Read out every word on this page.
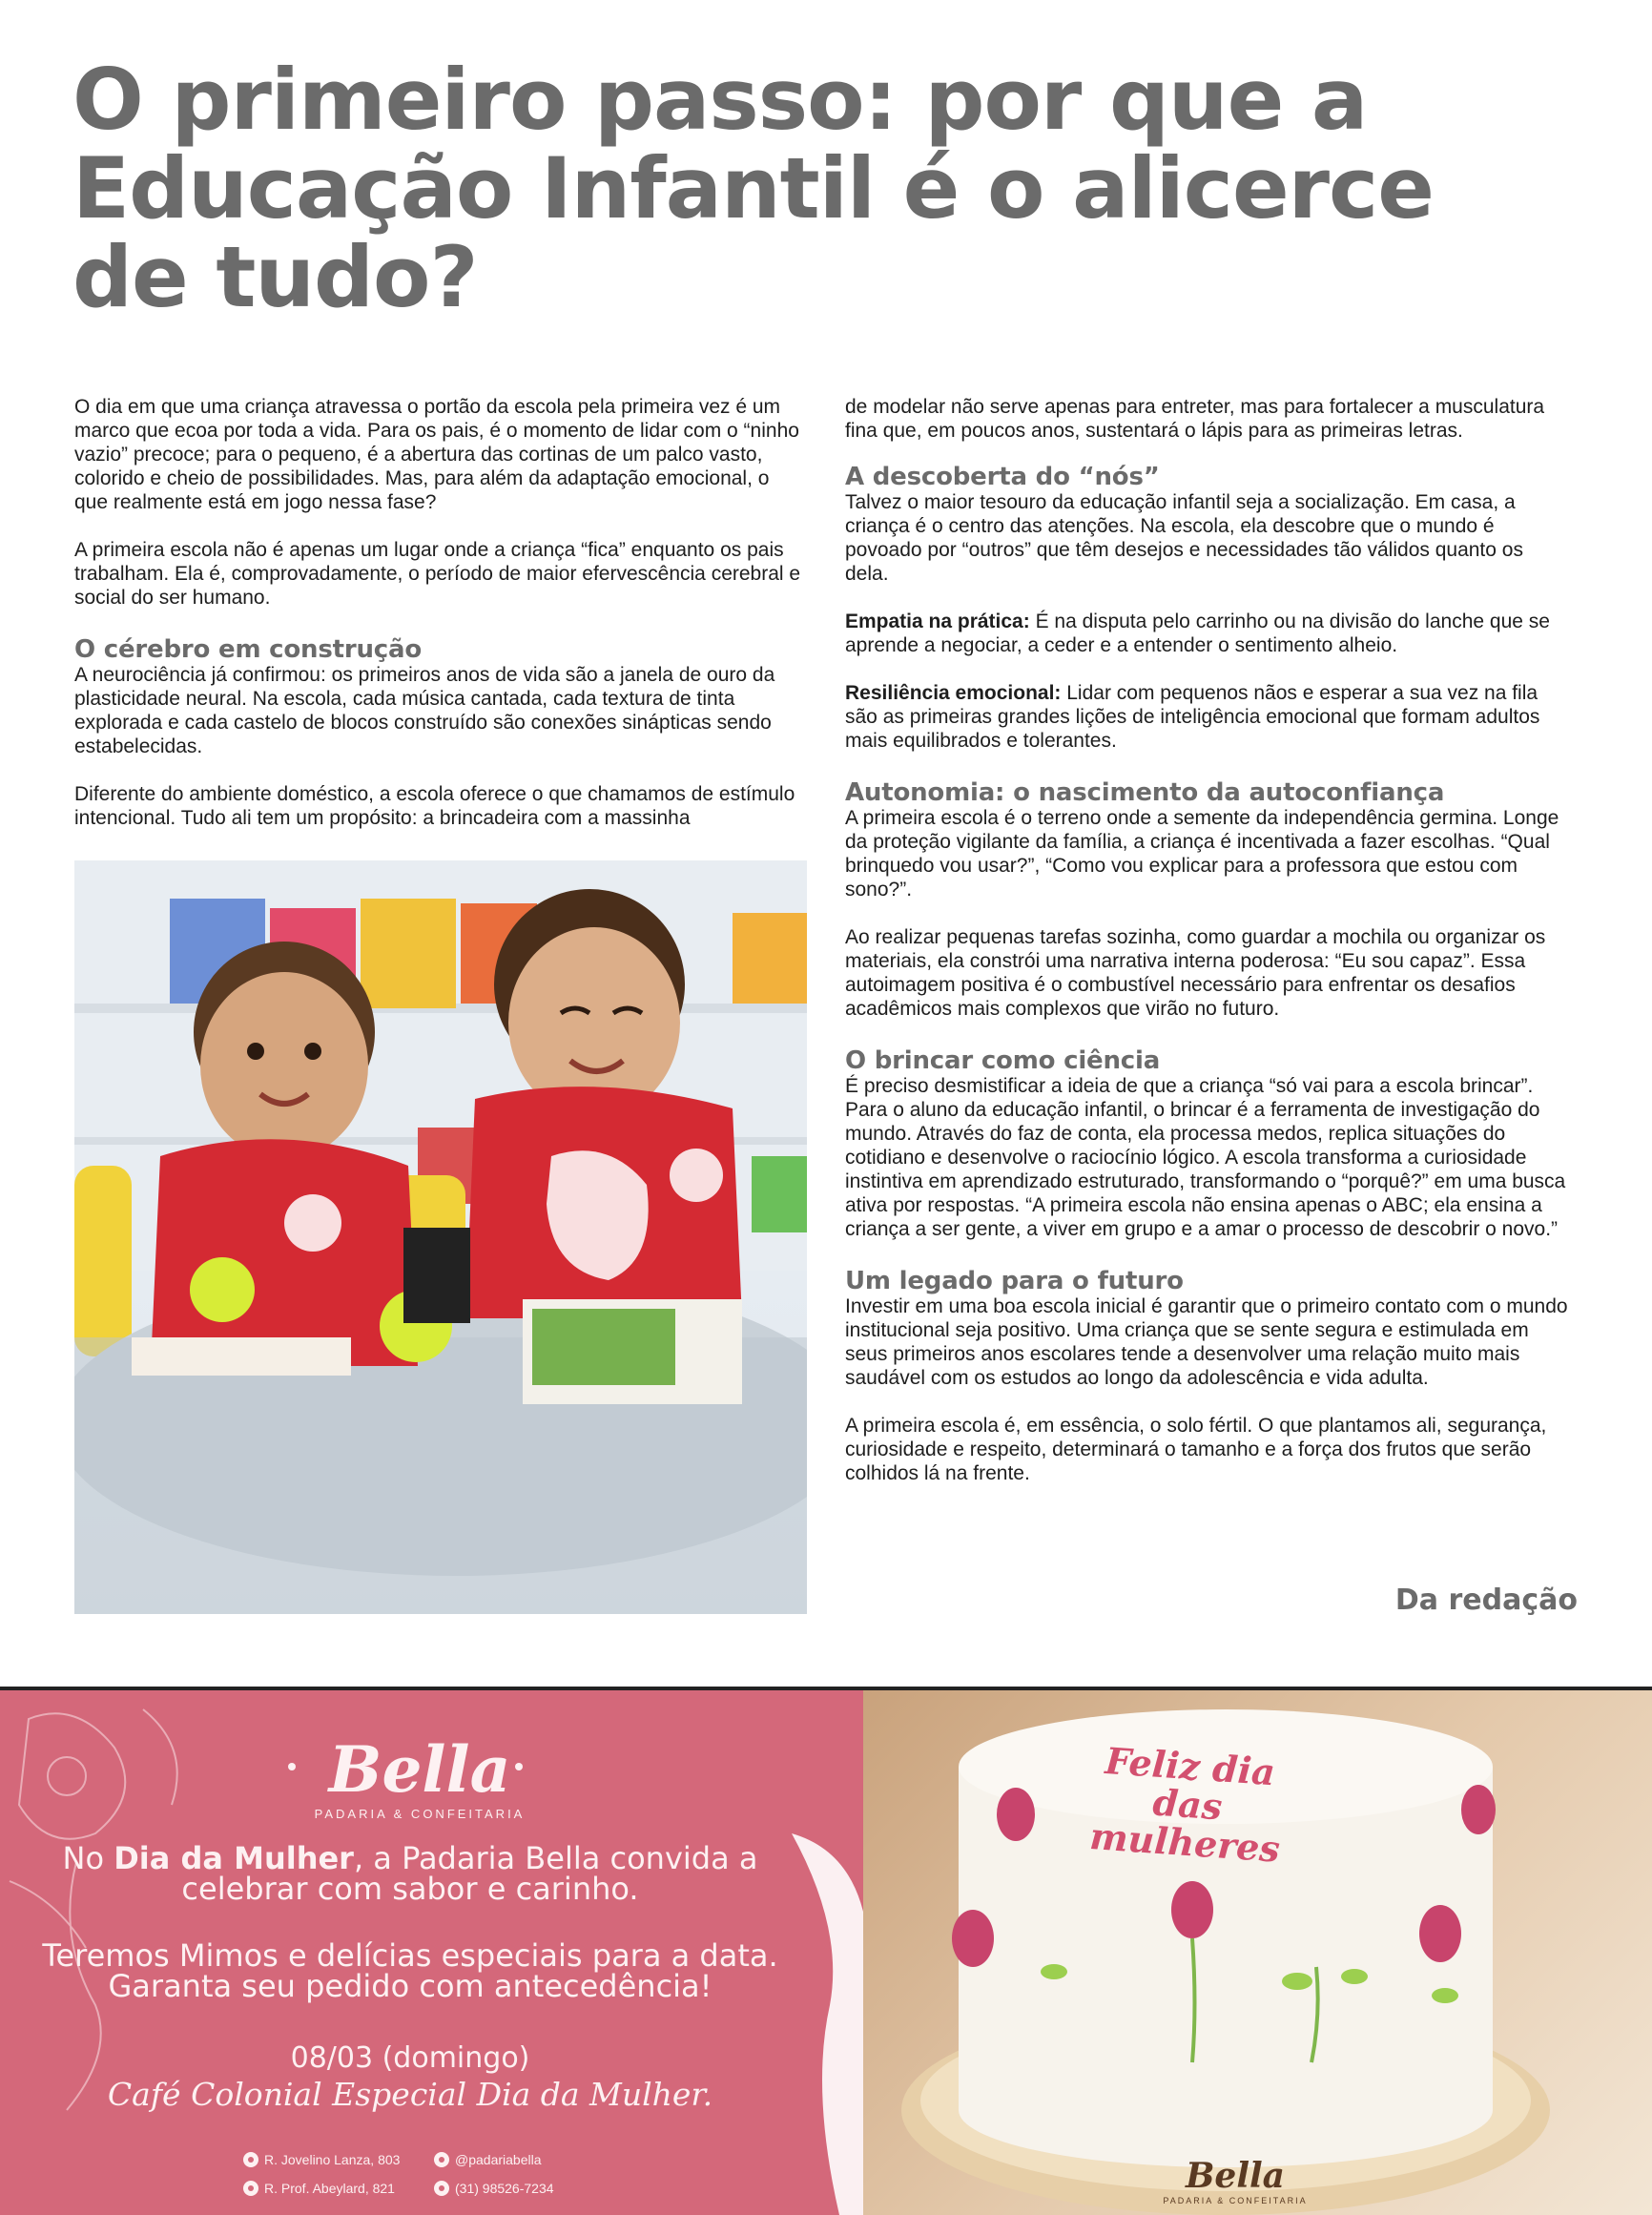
O primeiro passo: por que a Educação Infantil é o alicerce de tudo?

O dia em que uma criança atravessa o portão da escola pela primeira vez é um marco que ecoa por toda a vida. Para os pais, é o momento de lidar com o “ninho vazio” precoce; para o pequeno, é a abertura das cortinas de um palco vasto, colorido e cheio de possibilidades. Mas, para além da adaptação emocional, o que realmente está em jogo nessa fase?

A primeira escola não é apenas um lugar onde a criança “fica” enquanto os pais trabalham. Ela é, comprovadamente, o período de maior efervescência cerebral e social do ser humano.

O cérebro em construção

A neurociência já confirmou: os primeiros anos de vida são a janela de ouro da plasticidade neural. Na escola, cada música cantada, cada textura de tinta explorada e cada castelo de blocos construído são conexões sinápticas sendo estabelecidas.

Diferente do ambiente doméstico, a escola oferece o que chamamos de estímulo intencional. Tudo ali tem um propósito: a brincadeira com a massinha

de modelar não serve apenas para entreter, mas para fortalecer a musculatura fina que, em poucos anos, sustentará o lápis para as primeiras letras.

A descoberta do “nós”

Talvez o maior tesouro da educação infantil seja a socialização. Em casa, a criança é o centro das atenções. Na escola, ela descobre que o mundo é povoado por “outros” que têm desejos e necessidades tão válidos quanto os dela.

Empatia na prática: É na disputa pelo carrinho ou na divisão do lanche que se aprende a negociar, a ceder e a entender o sentimento alheio.

Resiliência emocional: Lidar com pequenos nãos e esperar a sua vez na fila são as primeiras grandes lições de inteligência emocional que formam adultos mais equilibrados e tolerantes.

Autonomia: o nascimento da autoconfiança

A primeira escola é o terreno onde a semente da independência germina. Longe da proteção vigilante da família, a criança é incentivada a fazer escolhas. “Qual brinquedo vou usar?”, “Como vou explicar para a professora que estou com sono?”.

Ao realizar pequenas tarefas sozinha, como guardar a mochila ou organizar os materiais, ela constrói uma narrativa interna poderosa: “Eu sou capaz”. Essa autoimagem positiva é o combustível necessário para enfrentar os desafios acadêmicos mais complexos que virão no futuro.

O brincar como ciência

É preciso desmistificar a ideia de que a criança “só vai para a escola brincar”. Para o aluno da educação infantil, o brincar é a ferramenta de investigação do mundo. Através do faz de conta, ela processa medos, replica situações do cotidiano e desenvolve o raciocínio lógico. A escola transforma a curiosidade instintiva em aprendizado estruturado, transformando o “porquê?” em uma busca ativa por respostas. “A primeira escola não ensina apenas o ABC; ela ensina a criança a ser gente, a viver em grupo e a amar o processo de descobrir o novo.”

Um legado para o futuro

Investir em uma boa escola inicial é garantir que o primeiro contato com o mundo institucional seja positivo. Uma criança que se sente segura e estimulada em seus primeiros anos escolares tende a desenvolver uma relação muito mais saudável com os estudos ao longo da adolescência e vida adulta.

A primeira escola é, em essência, o solo fértil. O que plantamos ali, segurança, curiosidade e respeito, determinará o tamanho e a força dos frutos que serão colhidos lá na frente.

Da redação
Bella
PADARIA & CONFEITARIA
No Dia da Mulher, a Padaria Bella convida a
celebrar com sabor e carinho.
Teremos Mimos e delícias especiais para a data.
Garanta seu pedido com antecedência!
08/03 (domingo)
Café Colonial Especial Dia da Mulher.
R. Jovelino Lanza, 803	@padariabella
R. Prof. Abeylard, 821	(31) 98526-7234
Feliz dia
das
mulheres
Bella
PADARIA & CONFEITARIA
